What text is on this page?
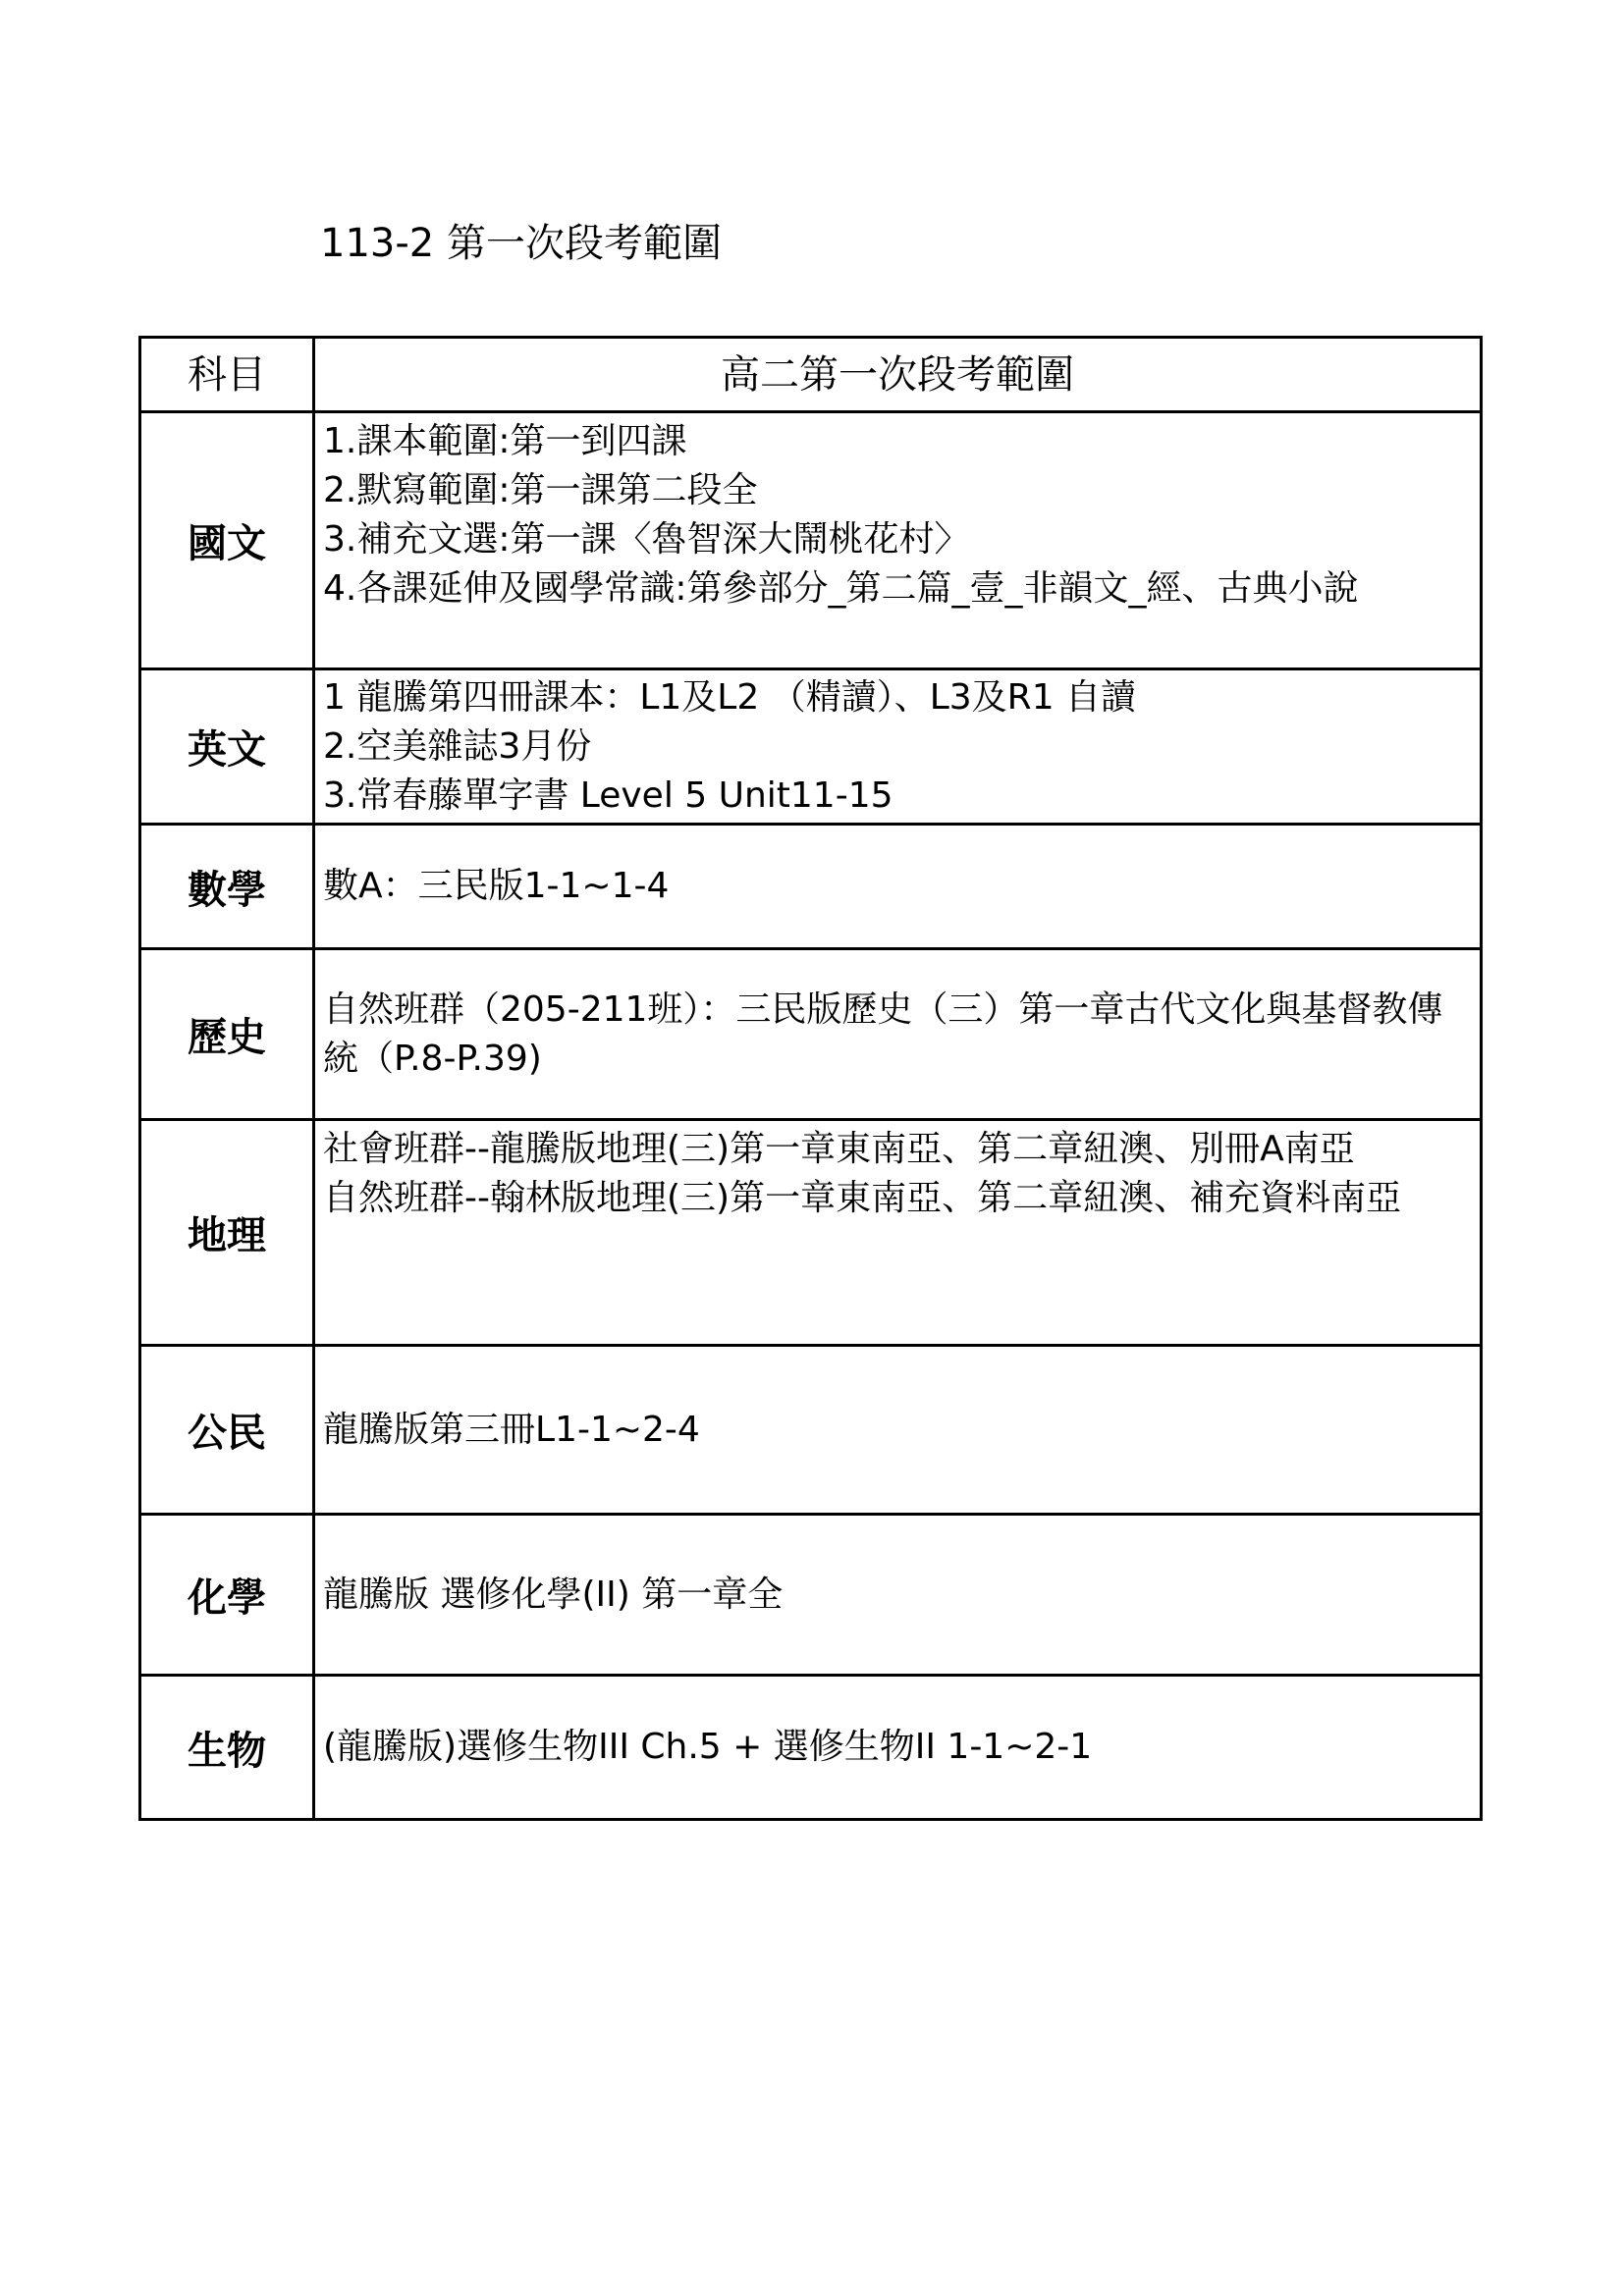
113-2 第一次段考範圍
科目	高二第一次段考範圍
國文	1.課本範圍:第一到四課
2.默寫範圍:第一課第二段全
3.補充文選:第一課〈魯智深大鬧桃花村〉
4.各課延伸及國學常識:第參部分_第二篇_壹_非韻文_經、古典小說

英文	1 龍騰第四冊課本：L1及L2 （精讀）、L3及R1 自讀
2.空美雜誌3月份
3.常春藤單字書 Level 5 Unit11-15

數學	數A：三民版1-1~1-4

歷史	自然班群（205-211班）：三民版歷史（三）第一章古代文化與基督教傳統（P.8-P.39)

地理	社會班群--龍騰版地理(三)第一章東南亞、第二章紐澳、別冊A南亞
自然班群--翰林版地理(三)第一章東南亞、第二章紐澳、補充資料南亞

公民	龍騰版第三冊L1-1~2-4

化學	龍騰版 選修化學(II) 第一章全

生物	(龍騰版)選修生物III Ch.5 + 選修生物II 1-1~2-1
